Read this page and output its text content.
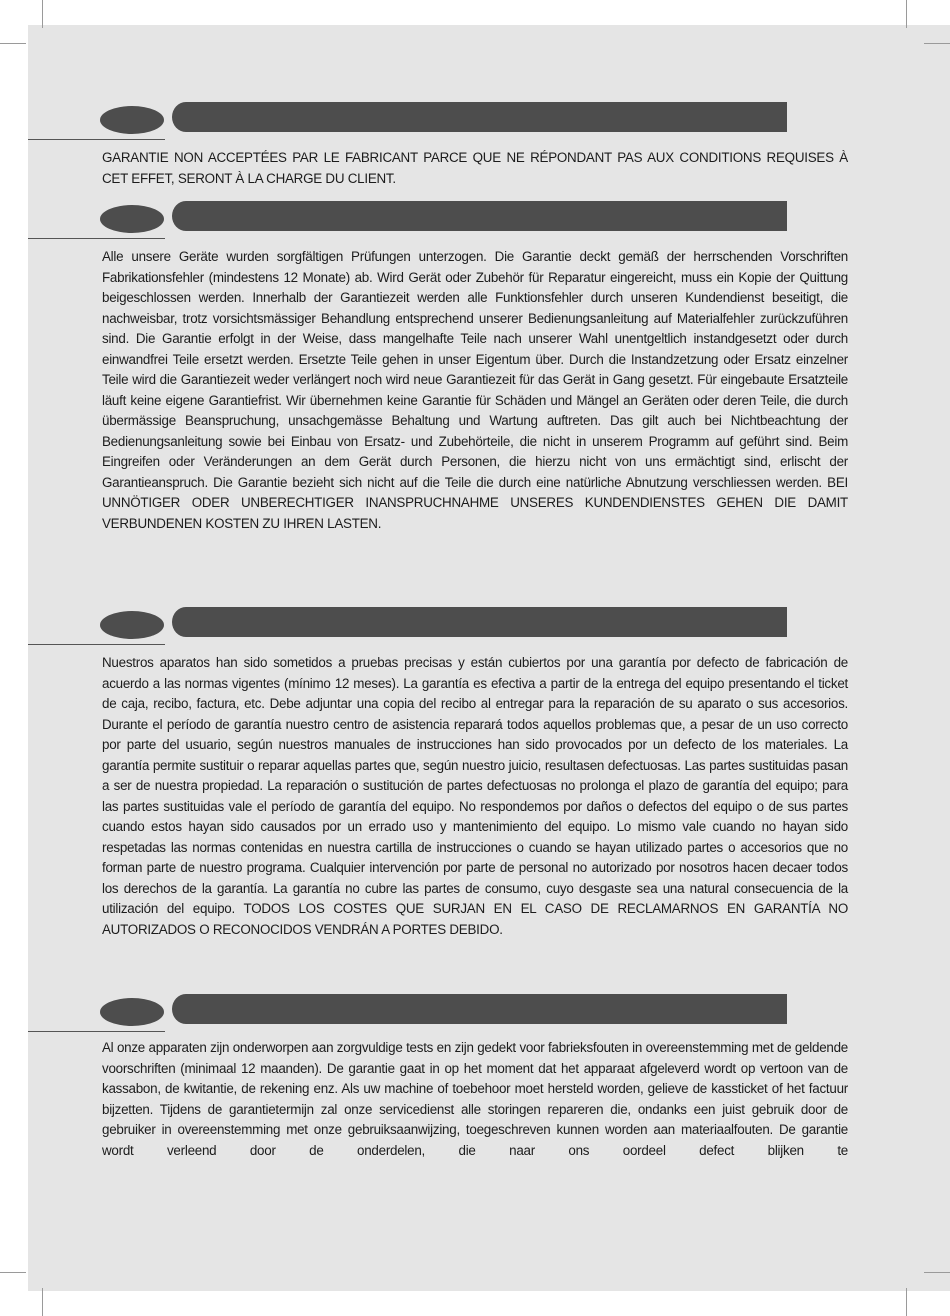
GARANTIE NON ACCEPTÉES PAR LE FABRICANT PARCE QUE NE RÉPONDANT PAS AUX CONDITIONS REQUISES À CET EFFET, SERONT À LA CHARGE DU CLIENT.

Alle unsere Geräte wurden sorgfältigen Prüfungen unterzogen. Die Garantie deckt gemäß der herrschenden Vorschriften Fabrikationsfehler (mindestens 12 Monate) ab. Wird Gerät oder Zubehör für Reparatur eingereicht, muss ein Kopie der Quittung beigeschlossen werden. Innerhalb der Garantiezeit werden alle Funktionsfehler durch unseren Kundendienst beseitigt, die nachweisbar, trotz vorsichtsmässiger Behandlung entsprechend unserer Bedienungsanleitung auf Materialfehler zurückzuführen sind. Die Garantie erfolgt in der Weise, dass mangelhafte Teile nach unserer Wahl unentgeltlich instandgesetzt oder durch einwandfrei Teile ersetzt werden. Ersetzte Teile gehen in unser Eigentum über. Durch die Instandzetzung oder Ersatz einzelner Teile wird die Garantiezeit weder verlängert noch wird neue Garantiezeit für das Gerät in Gang gesetzt. Für eingebaute Ersatzteile läuft keine eigene Garantiefrist. Wir übernehmen keine Garantie für Schäden und Mängel an Geräten oder deren Teile, die durch übermässige Beanspruchung, unsachgemässe Behaltung und Wartung auftreten. Das gilt auch bei Nichtbeachtung der Bedienungsanleitung sowie bei Einbau von Ersatz- und Zubehörteile, die nicht in unserem Programm auf geführt sind. Beim Eingreifen oder Veränderungen an dem Gerät durch Personen, die hierzu nicht von uns ermächtigt sind, erlischt der Garantieanspruch. Die Garantie bezieht sich nicht auf die Teile die durch eine natürliche Abnutzung verschliessen werden. BEI UNNÖTIGER ODER UNBERECHTIGER INANSPRUCHNAHME UNSERES KUNDENDIENSTES GEHEN DIE DAMIT VERBUNDENEN KOSTEN ZU IHREN LASTEN.

Nuestros aparatos han sido sometidos a pruebas precisas y están cubiertos por una garantía por defecto de fabricación de acuerdo a las normas vigentes (mínimo 12 meses). La garantía es efectiva a partir de la entrega del equipo presentando el ticket de caja, recibo, factura, etc. Debe adjuntar una copia del recibo al entregar para la reparación de su aparato o sus accesorios. Durante el período de garantía nuestro centro de asistencia reparará todos aquellos problemas que, a pesar de un uso correcto por parte del usuario, según nuestros manuales de instrucciones han sido provocados por un defecto de los materiales. La garantía permite sustituir o reparar aquellas partes que, según nuestro juicio, resultasen defectuosas. Las partes sustituidas pasan a ser de nuestra propiedad. La reparación o sustitución de partes defectuosas no prolonga el plazo de garantía del equipo; para las partes sustituidas vale el período de garantía del equipo. No respondemos por daños o defectos del equipo o de sus partes cuando estos hayan sido causados por un errado uso y mantenimiento del equipo. Lo mismo vale cuando no hayan sido respetadas las normas contenidas en nuestra cartilla de instrucciones o cuando se hayan utilizado partes o accesorios que no forman parte de nuestro programa. Cualquier intervención por parte de personal no autorizado por nosotros hacen decaer todos los derechos de la garantía. La garantía no cubre las partes de consumo, cuyo desgaste sea una natural consecuencia de la utilización del equipo. TODOS LOS COSTES QUE SURJAN EN EL CASO DE RECLAMARNOS EN GARANTÍA NO AUTORIZADOS O RECONOCIDOS VENDRÁN A PORTES DEBIDO.

Al onze apparaten zijn onderworpen aan zorgvuldige tests en zijn gedekt voor fabrieksfouten in overeenstemming met de geldende voorschriften (minimaal 12 maanden). De garantie gaat in op het moment dat het apparaat afgeleverd wordt op vertoon van de kassabon, de kwitantie, de rekening enz. Als uw machine of toebehoor moet hersteld worden, gelieve de kassticket of het factuur bijzetten. Tijdens de garantietermijn zal onze servicedienst alle storingen repareren die, ondanks een juist gebruik door de gebruiker in overeenstemming met onze gebruiksaanwijzing, toegeschreven kunnen worden aan materiaalfouten. De garantie wordt verleend door de onderdelen, die naar ons oordeel defect blijken te
